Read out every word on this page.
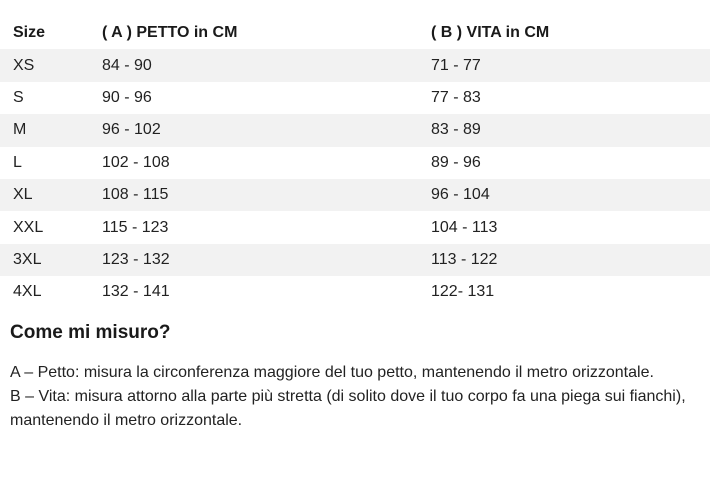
Size	( A ) PETTO in CM	( B ) VITA in CM
XS	84 - 90	71 - 77
S	90 - 96	77 - 83
M	96 - 102	83 - 89
L	102 - 108	89 - 96
XL	108 - 115	96 - 104
XXL	115 - 123	104 - 113
3XL	123 - 132	113 - 122
4XL	132 - 141	122- 131
Come mi misuro?

A – Petto: misura la circonferenza maggiore del tuo petto, mantenendo il metro orizzontale.

B – Vita: misura attorno alla parte più stretta (di solito dove il tuo corpo fa una piega sui fianchi), mantenendo il metro orizzontale.
